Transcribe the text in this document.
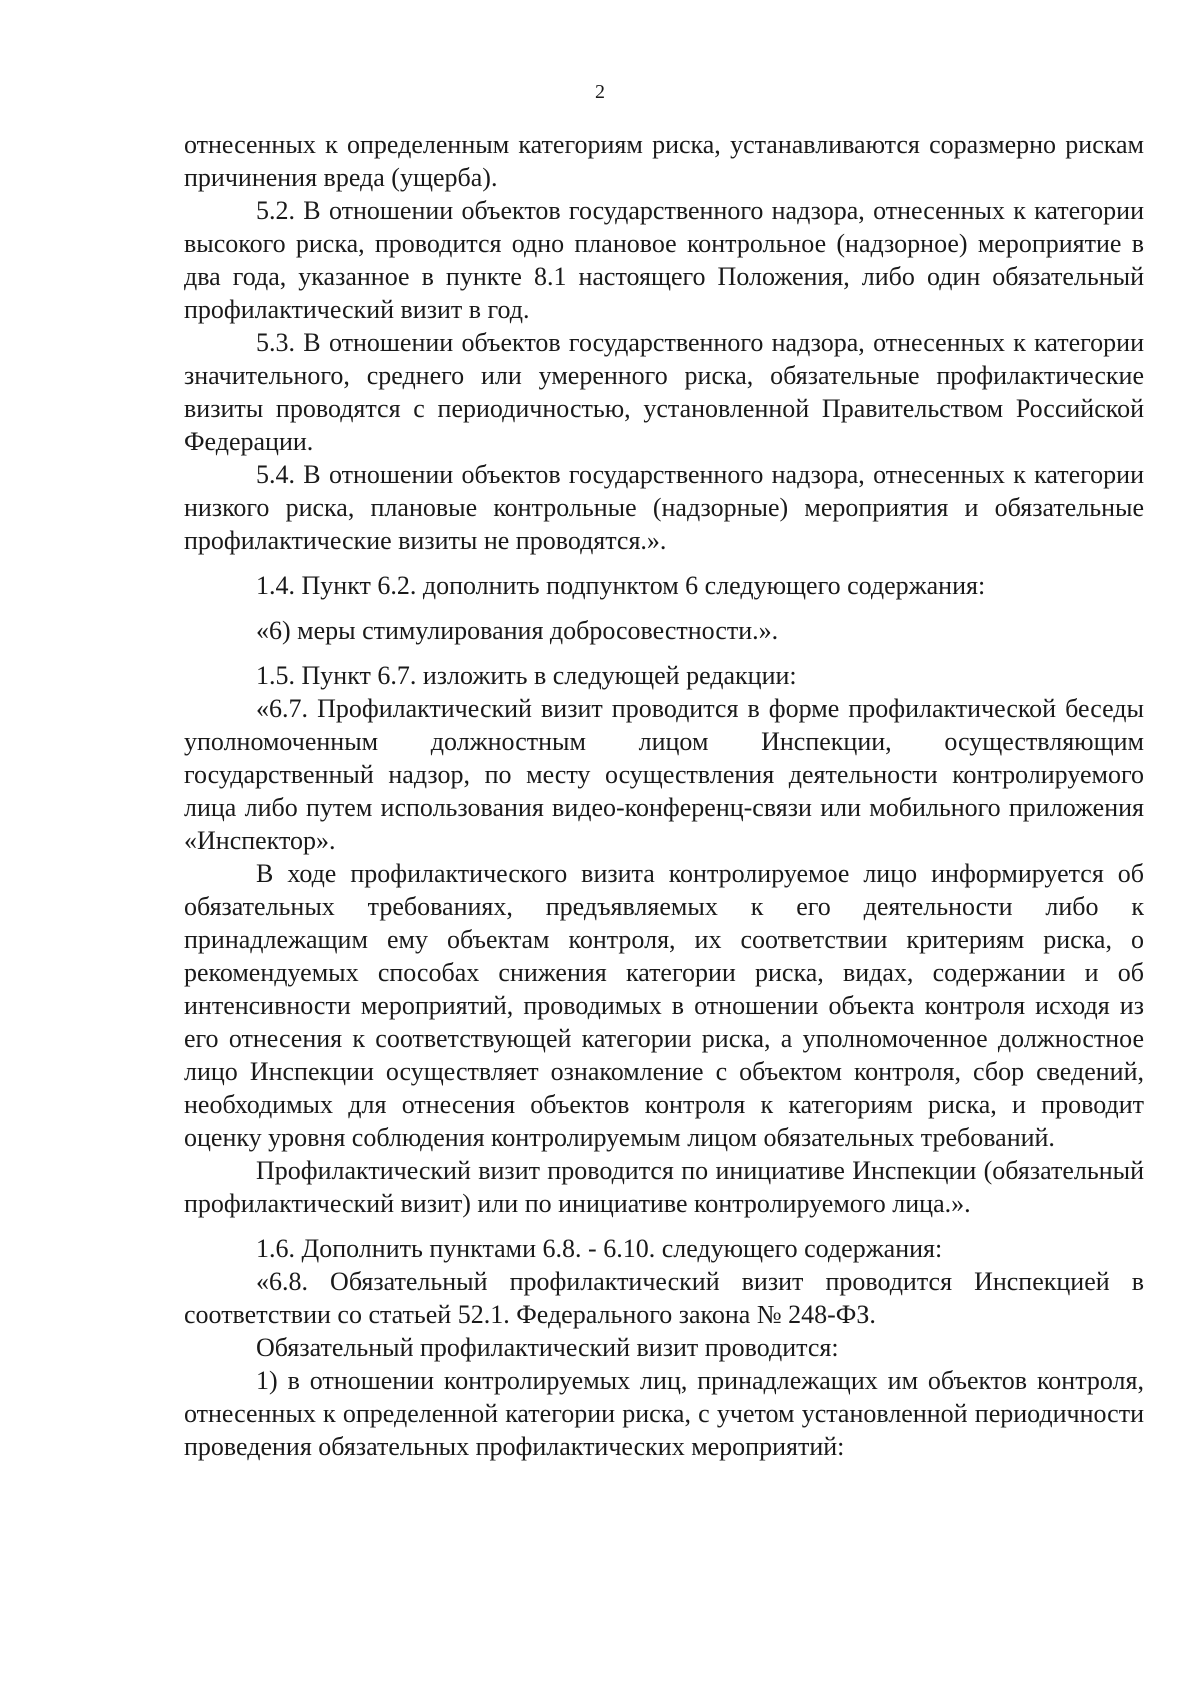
2

отнесенных к определенным категориям риска, устанавливаются соразмерно рискам причинения вреда (ущерба).

5.2. В отношении объектов государственного надзора, отнесенных к категории высокого риска, проводится одно плановое контрольное (надзорное) мероприятие в два года, указанное в пункте 8.1 настоящего Положения, либо один обязательный профилактический визит в год.

5.3. В отношении объектов государственного надзора, отнесенных к категории значительного, среднего или умеренного риска, обязательные профилактические визиты проводятся с периодичностью, установленной Правительством Российской Федерации.

5.4. В отношении объектов государственного надзора, отнесенных к категории низкого риска, плановые контрольные (надзорные) мероприятия и обязательные профилактические визиты не проводятся.».

1.4. Пункт 6.2. дополнить подпунктом 6 следующего содержания:

«6) меры стимулирования добросовестности.».

1.5. Пункт 6.7. изложить в следующей редакции:

«6.7. Профилактический визит проводится в форме профилактической беседы уполномоченным должностным лицом Инспекции, осуществляющим государственный надзор, по месту осуществления деятельности контролируемого лица либо путем использования видео-конференц-связи или мобильного приложения «Инспектор».

В ходе профилактического визита контролируемое лицо информируется об обязательных требованиях, предъявляемых к его деятельности либо к принадлежащим ему объектам контроля, их соответствии критериям риска, о рекомендуемых способах снижения категории риска, видах, содержании и об интенсивности мероприятий, проводимых в отношении объекта контроля исходя из его отнесения к соответствующей категории риска, а уполномоченное должностное лицо Инспекции осуществляет ознакомление с объектом контроля, сбор сведений, необходимых для отнесения объектов контроля к категориям риска, и проводит оценку уровня соблюдения контролируемым лицом обязательных требований.

Профилактический визит проводится по инициативе Инспекции (обязательный профилактический визит) или по инициативе контролируемого лица.».

1.6. Дополнить пунктами 6.8. - 6.10. следующего содержания:

«6.8. Обязательный профилактический визит проводится Инспекцией в соответствии со статьей 52.1. Федерального закона № 248-ФЗ.

Обязательный профилактический визит проводится:

1) в отношении контролируемых лиц, принадлежащих им объектов контроля, отнесенных к определенной категории риска, с учетом установленной периодичности проведения обязательных профилактических мероприятий:
